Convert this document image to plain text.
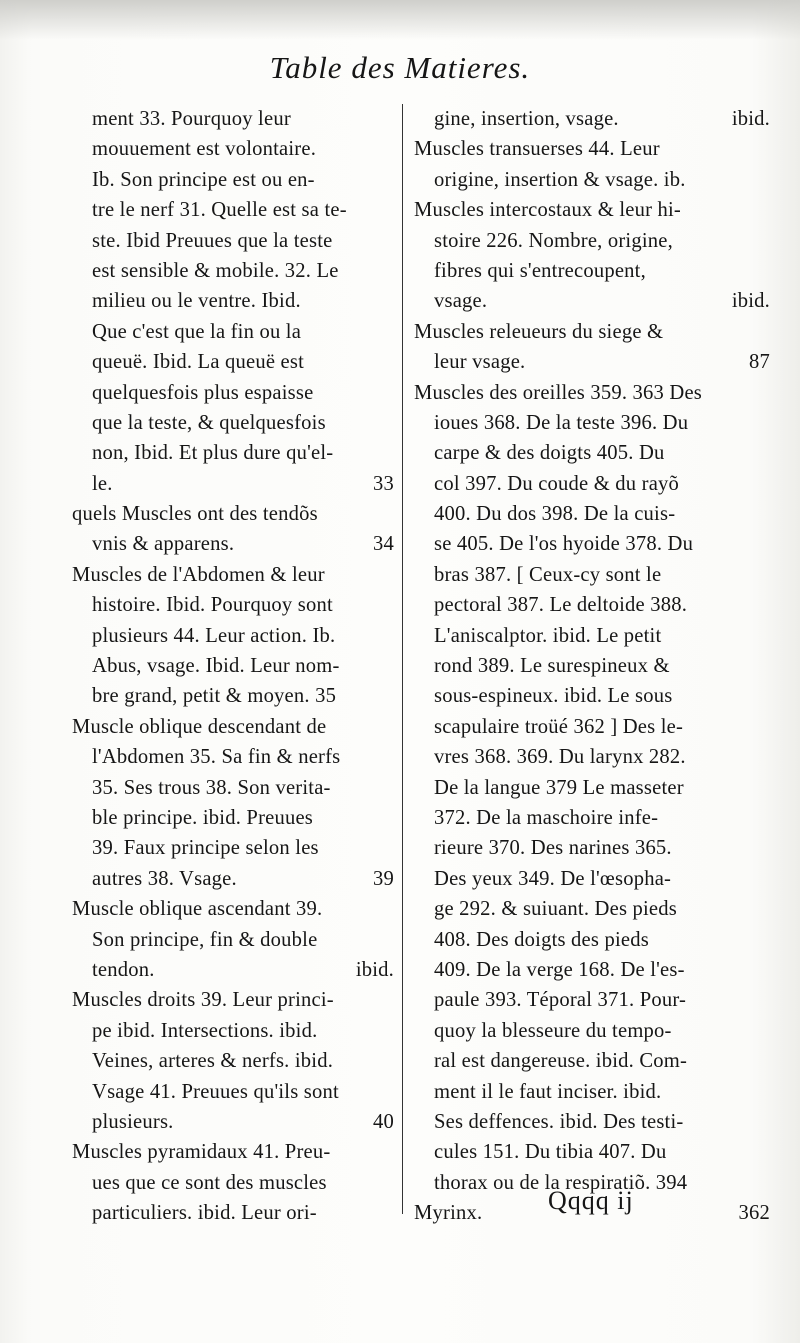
Table des Matieres.
ment 33. Pourquoy leur
mouuement est volontaire.
Ib. Son principe est ou en-
tre le nerf 31. Quelle est sa te-
ste. Ibid Preuues que la teste
est sensible & mobile. 32. Le
milieu ou le ventre. Ibid.
Que c'est que la fin ou la
queuë. Ibid. La queuë est
quelquesfois plus espaisse
que la teste, & quelquesfois
non, Ibid. Et plus dure qu'el-
le.	33
quels Muscles ont des tendõs
vnis & apparens.	34
Muscles de l'Abdomen & leur
histoire. Ibid. Pourquoy sont
plusieurs 44. Leur action. Ib.
Abus, vsage. Ibid. Leur nom-
bre grand, petit & moyen. 35
Muscle oblique descendant de
l'Abdomen 35. Sa fin & nerfs
35. Ses trous 38. Son verita-
ble principe. ibid. Preuues
39. Faux principe selon les
autres 38. Vsage.	39
Muscle oblique ascendant 39.
Son principe, fin & double
tendon.	ibid.
Muscles droits 39. Leur princi-
pe ibid. Intersections. ibid.
Veines, arteres & nerfs. ibid.
Vsage 41. Preuues qu'ils sont
plusieurs.	40
Muscles pyramidaux 41. Preu-
ues que ce sont des muscles
particuliers. ibid. Leur ori-
gine, insertion, vsage.	ibid.
Muscles transuerses 44. Leur
origine, insertion & vsage. ib.
Muscles intercostaux & leur hi-
stoire 226. Nombre, origine,
fibres qui s'entrecoupent,
vsage.	ibid.
Muscles releueurs du siege &
leur vsage.	87
Muscles des oreilles 359. 363 Des
ioues 368. De la teste 396. Du
carpe & des doigts 405. Du
col 397. Du coude & du rayõ
400. Du dos 398. De la cuis-
se 405. De l'os hyoide 378. Du
bras 387. [ Ceux-cy sont le
pectoral 387. Le deltoide 388.
L'aniscalptor. ibid. Le petit
rond 389. Le surespineux &
sous-espineux. ibid. Le sous
scapulaire troüé 362 ] Des le-
vres 368. 369. Du larynx 282.
De la langue 379 Le masseter
372. De la maschoire infe-
rieure 370. Des narines 365.
Des yeux 349. De l'œsopha-
ge 292. & suiuant. Des pieds
408. Des doigts des pieds
409. De la verge 168. De l'es-
paule 393. Téporal 371. Pour-
quoy la blesseure du tempo-
ral est dangereuse. ibid. Com-
ment il le faut inciser. ibid.
Ses deffences. ibid. Des testi-
cules 151. Du tibia 407. Du
thorax ou de la respiratiõ. 394
Myrinx.	362
Qqqq ij
